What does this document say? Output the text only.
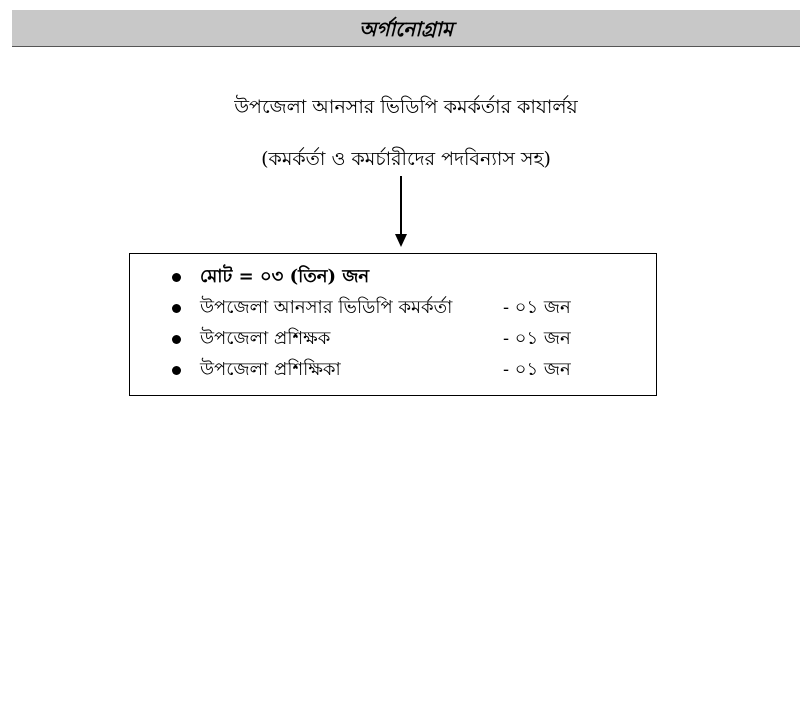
অর্গানোগ্রাম
উপজেলা আনসার ভিডিপি কমর্কর্তার কাযার্লয়
(কমর্কর্তা ও কমর্চারীদের পদবিন্যাস সহ)
মোট = ০৩ (তিন) জন
উপজেলা আনসার ভিডিপি কমর্কর্তা	- ০১ জন
উপজেলা প্রশিক্ষক	- ০১ জন
উপজেলা প্রশিক্ষিকা	- ০১ জন
